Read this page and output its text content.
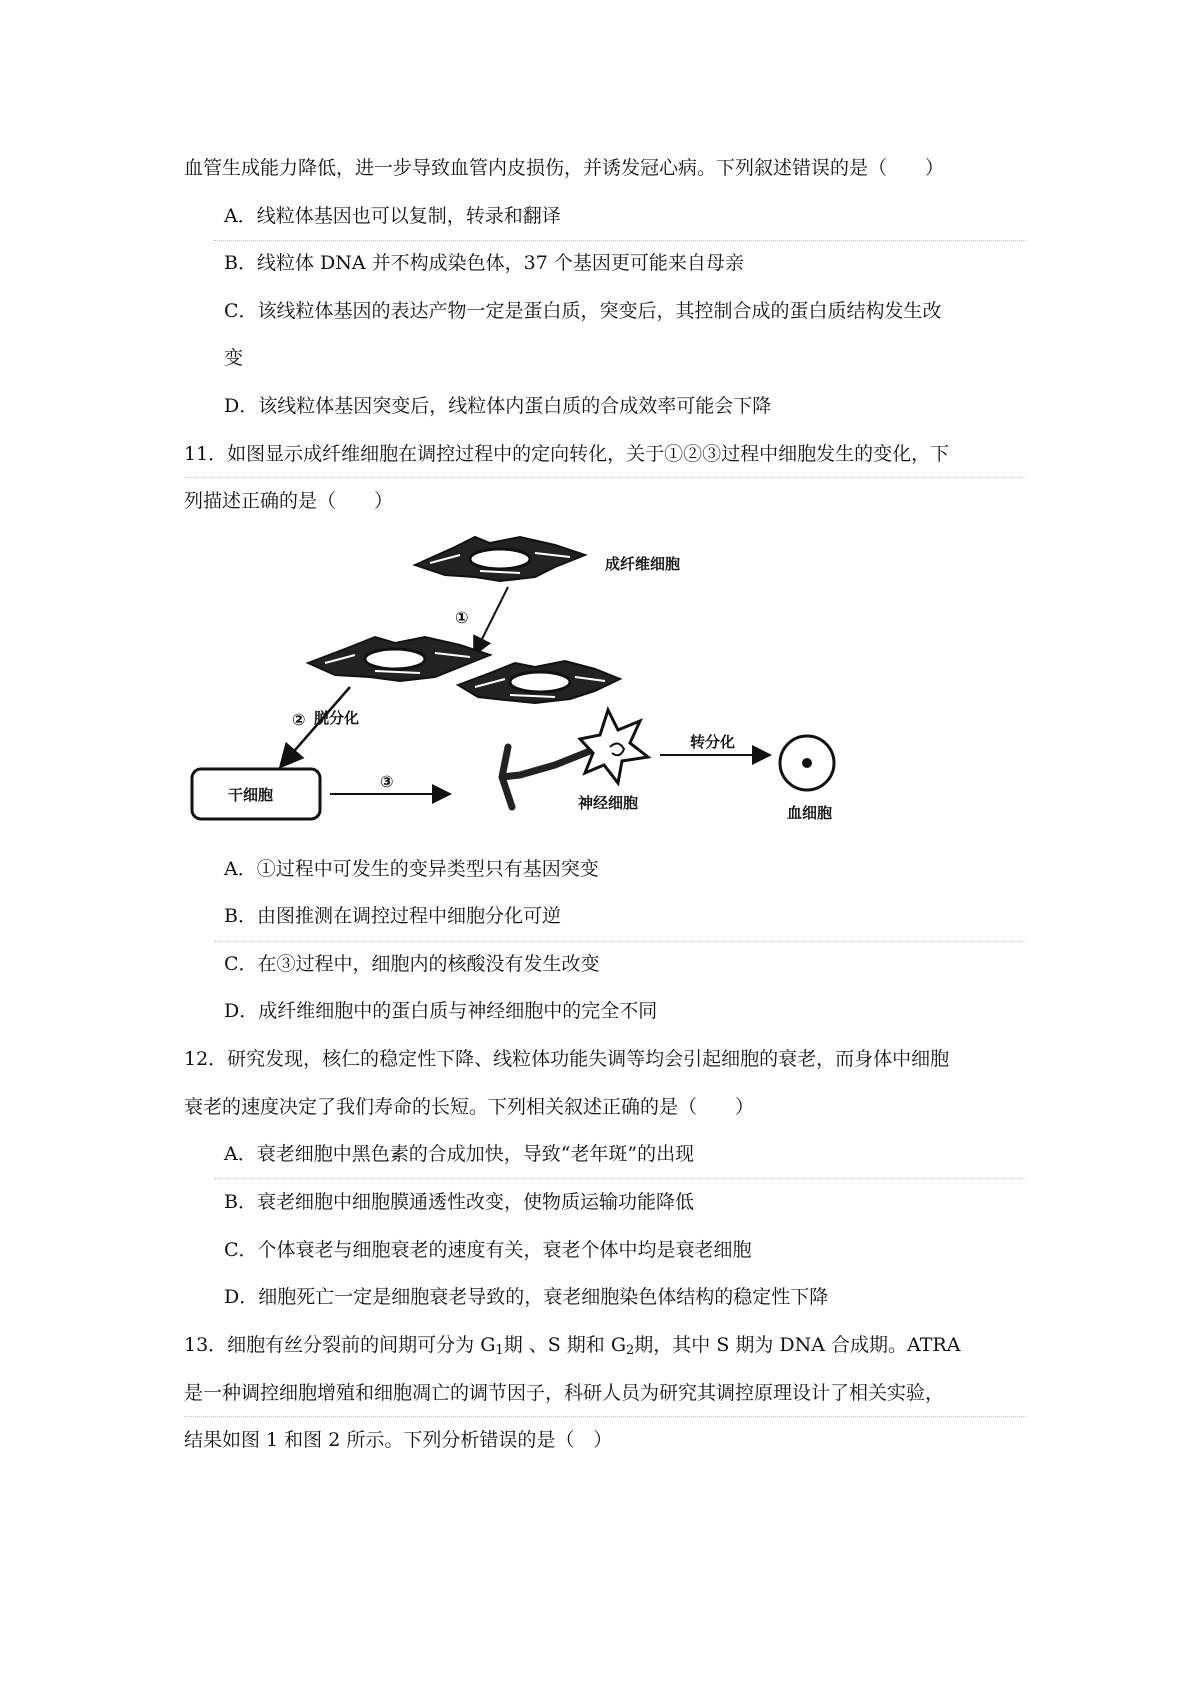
血管生成能力降低，进一步导致血管内皮损伤，并诱发冠心病。下列叙述错误的是（　　）
A．线粒体基因也可以复制，转录和翻译
B．线粒体 DNA 并不构成染色体，37 个基因更可能来自母亲
C．该线粒体基因的表达产物一定是蛋白质，突变后，其控制合成的蛋白质结构发生改
变
D．该线粒体基因突变后，线粒体内蛋白质的合成效率可能会下降
11．如图显示成纤维细胞在调控过程中的定向转化，关于①②③过程中细胞发生的变化，下
列描述正确的是（　　）
成纤维细胞
①
② 脱分化
干细胞
③
神经细胞
转分化
血细胞
A．①过程中可发生的变异类型只有基因突变
B．由图推测在调控过程中细胞分化可逆
C．在③过程中，细胞内的核酸没有发生改变
D．成纤维细胞中的蛋白质与神经细胞中的完全不同
12．研究发现，核仁的稳定性下降、线粒体功能失调等均会引起细胞的衰老，而身体中细胞
衰老的速度决定了我们寿命的长短。下列相关叙述正确的是（　　）
A．衰老细胞中黑色素的合成加快，导致“老年斑”的出现
B．衰老细胞中细胞膜通透性改变，使物质运输功能降低
C．个体衰老与细胞衰老的速度有关，衰老个体中均是衰老细胞
D．细胞死亡一定是细胞衰老导致的，衰老细胞染色体结构的稳定性下降
13．细胞有丝分裂前的间期可分为 $G_1$期 、S 期和 $G_2$期，其中 S 期为 DNA 合成期。ATRA
是一种调控细胞增殖和细胞凋亡的调节因子，科研人员为研究其调控原理设计了相关实验，
结果如图 1 和图 2 所示。下列分析错误的是（　）
